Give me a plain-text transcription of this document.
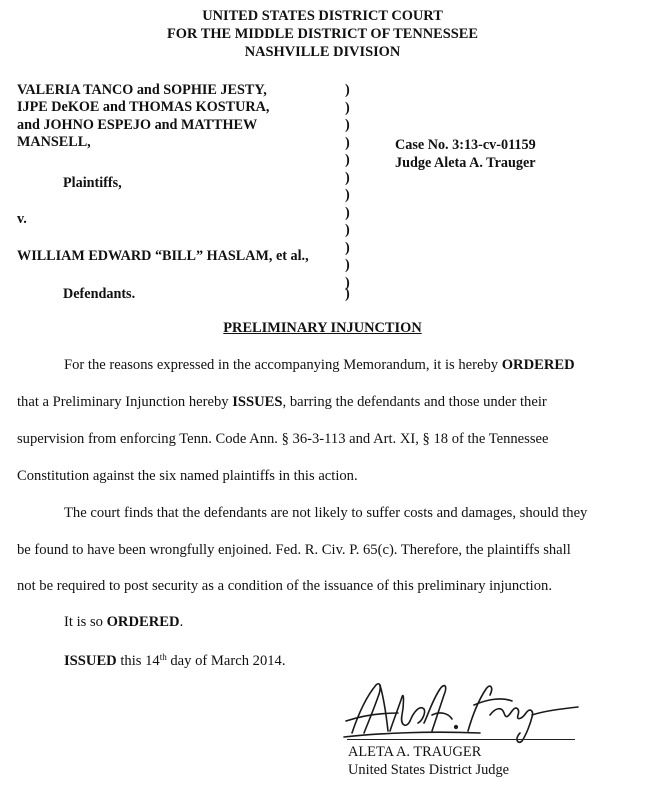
UNITED STATES DISTRICT COURT
FOR THE MIDDLE DISTRICT OF TENNESSEE
NASHVILLE DIVISION
VALERIA TANCO and SOPHIE JESTY,
IJPE DeKOE and THOMAS KOSTURA,
and JOHNO ESPEJO and MATTHEW
MANSELL,
Plaintiffs,
v.
WILLIAM EDWARD “BILL” HASLAM, et al.,
Defendants.
)
)
)
)
)
)
)
)
)
)
)
)
)
Case No. 3:13-cv-01159
Judge Aleta A. Trauger
PRELIMINARY INJUNCTION
For the reasons expressed in the accompanying Memorandum, it is hereby ORDERED
that a Preliminary Injunction hereby ISSUES, barring the defendants and those under their
supervision from enforcing Tenn. Code Ann. § 36-3-113 and Art. XI, § 18 of the Tennessee
Constitution against the six named plaintiffs in this action.
The court finds that the defendants are not likely to suffer costs and damages, should they
be found to have been wrongfully enjoined. Fed. R. Civ. P. 65(c). Therefore, the plaintiffs shall
not be required to post security as a condition of the issuance of this preliminary injunction.
It is so ORDERED.
ISSUED this 14th day of March 2014.
ALETA A. TRAUGER
United States District Judge
